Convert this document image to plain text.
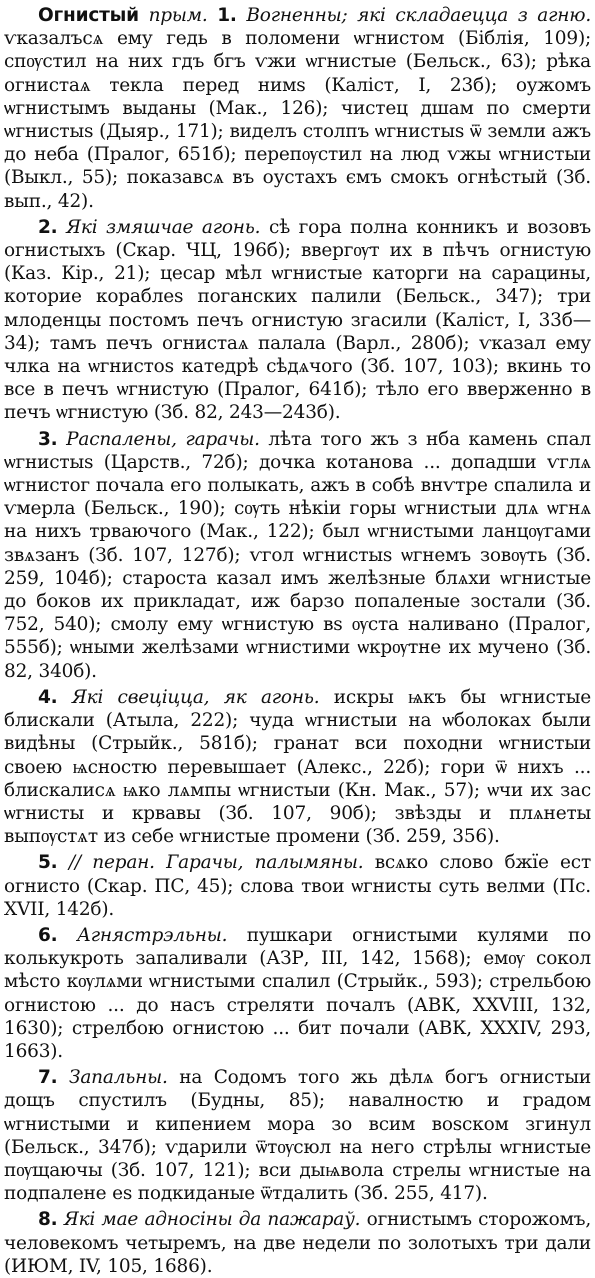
Огнистый прым. 1. Вогненны; які складаецца з агню. ѵказалъсѧ ему гедь в поломени ѡгнистом (Біблія, 109); спѹстил на них гдъ бгъ ѵжи ѡгнистые (Бельск., 63); рѣка огнистаѧ текла перед нимs (Каліст, I, 23б); оужомъ ѡгнистымъ выданы (Мак., 126); чистец дшам по смерти ѡгнистыs (Дыяр., 171); виделъ столпъ ѡгнистыs ѿ земли ажъ до неба (Пралог, 651б); перепѹстил на люд ѵжы ѡгнистыи (Выкл., 55); показавсѧ въ оустахъ ємъ смокъ огнѣстый (Зб. вып., 42).

2. Які змяшчае агонь. сѣ гора полна конникъ и возовъ огнистыхъ (Скар. ЧЦ, 196б); ввергѹт их в пѣчъ огнистую (Каз. Кір., 21); цесар мѣл ѡгнистые каторги на сарацины, которие кораблеs поганских палили (Бельск., 347); три млоденцы постомъ печъ огнистую згасили (Каліст, I, 33б—34); тамъ печъ огнистаѧ палала (Варл., 280б); ѵказал ему члка на ѡгнистоs катедрѣ сѣдѧчого (Зб. 107, 103); вкинь то все в печъ ѡгнистую (Пралог, 641б); тѣло его вверженно в печъ ѡгнистую (Зб. 82, 243—243б).

3. Распалены, гарачы. лѣта того жъ з нба камень спал ѡгнистыs (Царств., 72б); дочка котанова ... допадши ѵглѧ ѡгнистог почала его полыкать, ажъ в собѣ внѵтре спалила и ѵмерла (Бельск., 190); сѹть нѣкіи горы ѡгнистыи длѧ ѡгнѧ на нихъ трваючого (Мак., 122); был ѡгнистыми ланцѹгами звѧзанъ (Зб. 107, 127б); ѵгол ѡгнистыs ѡгнемъ зовѹть (Зб. 259, 104б); староста казал имъ желѣзные блѧхи ѡгнистые до боков их прикладат, иж барзо попаленые зостали (Зб. 752, 540); смолу ему ѡгнистую вs ѹста наливано (Пралог, 555б); ѡными желѣзами ѡгнистими ѡкрѹтне их мучено (Зб. 82, 340б).

4. Які свеціцца, як агонь. искры ѩкъ бы ѡгнистые блискали (Атыла, 222); чуда ѡгнистыи на ѡболоках были видѣны (Стрыйк., 581б); гранат вси походни ѡгнистыи своею ѩсностю перевышает (Алекс., 22б); гори ѿ нихъ ... блискалисѧ ѩко лѧмпы ѡгнистыи (Кн. Мак., 57); ѡчи их зас ѡгнисты и крвавы (Зб. 107, 90б); звѣзды и плѧнеты выпѹстѧт из себе ѡгнистые промени (Зб. 259, 356).

5. // перан. Гарачы, палымяны. всѧко слово бжїе ест огнисто (Скар. ПС, 45); слова твои ѡгнисты суть велми (Пс. XVII, 142б).

6. Агнястрэльны. пушкари огнистыми кулями по колькукроть запаливали (АЗР, III, 142, 1568); емѹ сокол мѣсто кѹлѧми ѡгнистыми спалил (Стрыйк., 593); стрельбою огнистою ... до насъ стреляти почалъ (АВК, XXVIII, 132, 1630); стрелбою огнистою ... бит почали (АВК, XXXIV, 293, 1663).

7. Запальны. на Содомъ того жь дѣлѧ богъ огнистыи дощъ спустилъ (Будны, 85); навалностю и градом ѡгнистыми и кипением мора зо всим воsском згинул (Бельск., 347б); ѵдарили ѿтѹсюл на него стрѣлы ѡгнистые пѹщаючы (Зб. 107, 121); вси дыѩвола стрелы ѡгнистые на подпалене еs подкиданые ѿтдалить (Зб. 255, 417).

8. Які мае адносіны да пажараў. огнистымъ сторожомъ, человекомъ четыремъ, на две недели по золотыхъ три дали (ИЮМ, IV, 105, 1686).
